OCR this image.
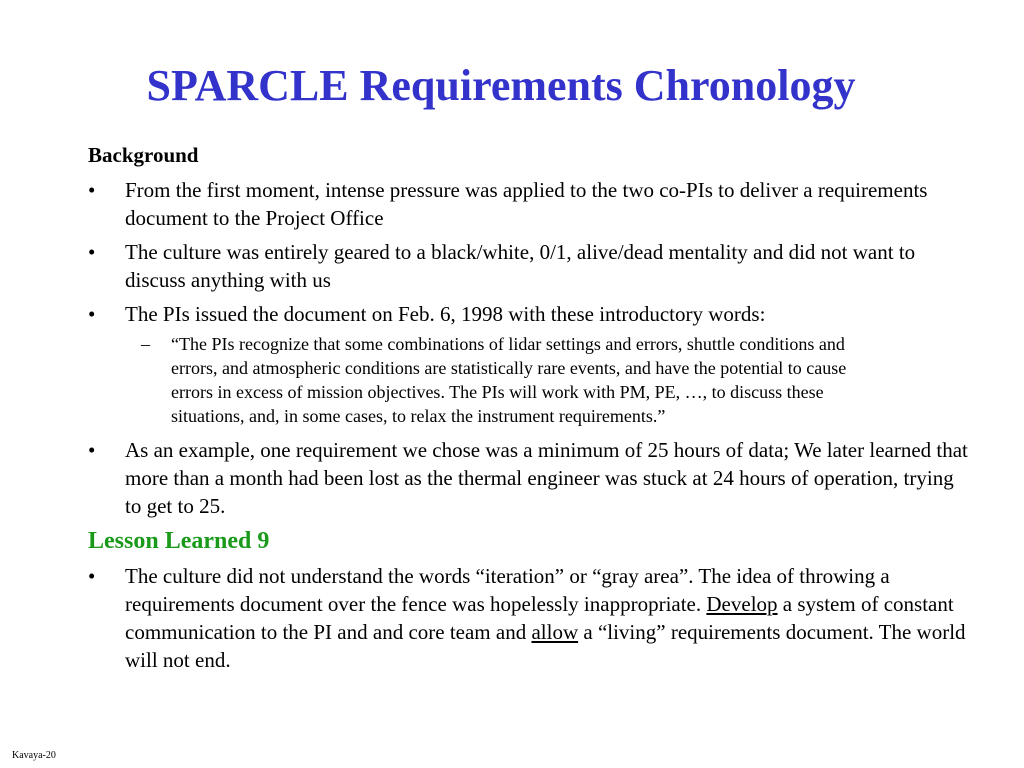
SPARCLE Requirements Chronology
Background
• From the first moment, intense pressure was applied to the two co-PIs to deliver a requirements document to the Project Office
• The culture was entirely geared to a black/white, 0/1, alive/dead mentality and did not want to discuss anything with us
• The PIs issued the document on Feb. 6, 1998 with these introductory words:
– “The PIs recognize that some combinations of lidar settings and errors, shuttle conditions and errors, and atmospheric conditions are statistically rare events, and have the potential to cause errors in excess of mission objectives. The PIs will work with PM, PE, …, to discuss these situations, and, in some cases, to relax the instrument requirements.”
• As an example, one requirement we chose was a minimum of 25 hours of data; We later learned that more than a month had been lost as the thermal engineer was stuck at 24 hours of operation, trying to get to 25.
Lesson Learned 9
• The culture did not understand the words “iteration” or “gray area”. The idea of throwing a requirements document over the fence was hopelessly inappropriate. Develop a system of constant communication to the PI and and core team and allow a “living” requirements document. The world will not end.
Kavaya-20
